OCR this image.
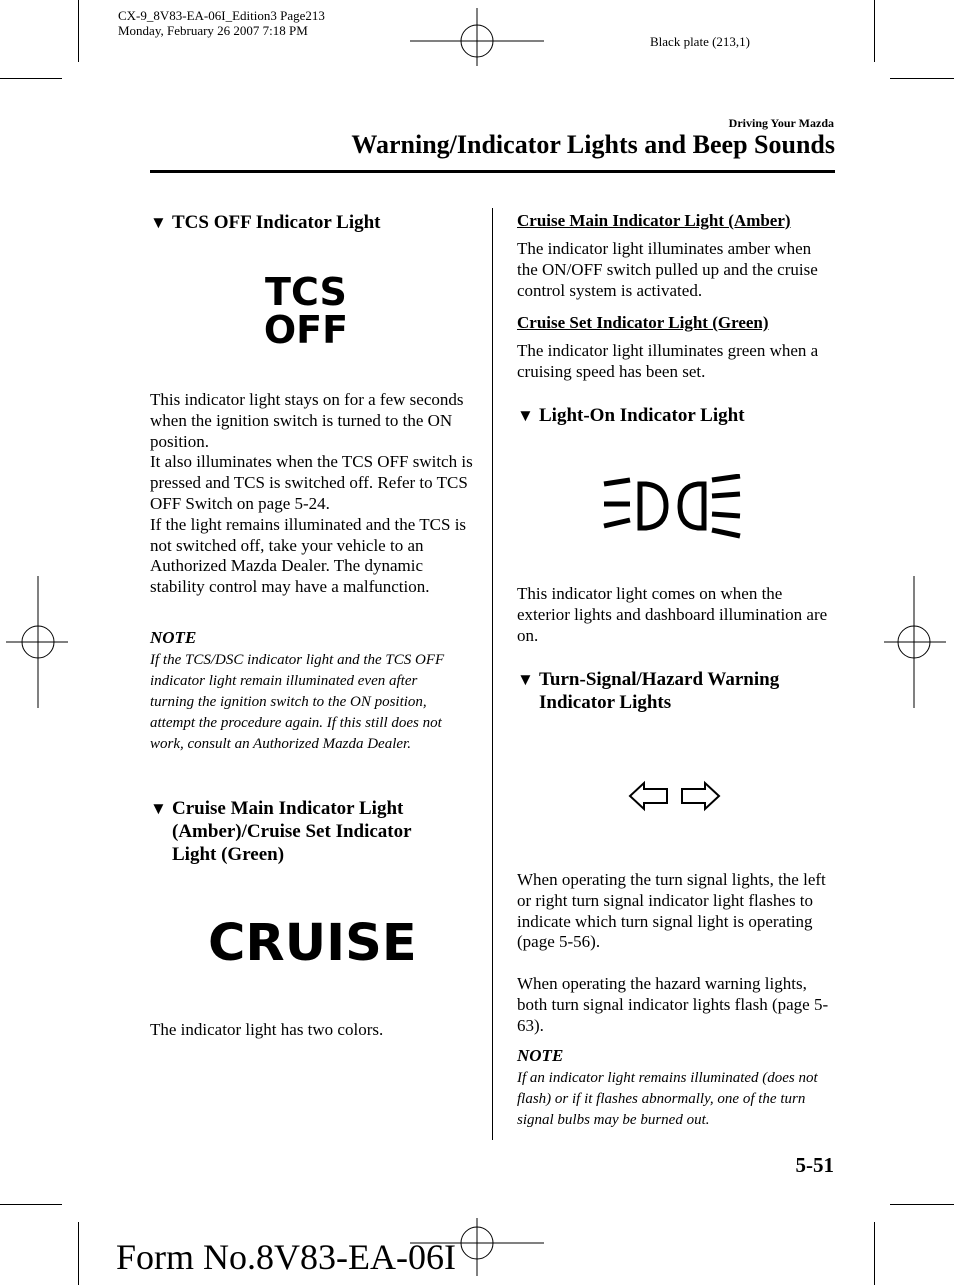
CX-9_8V83-EA-06I_Edition3 Page213
Monday, February 26 2007 7:18 PM
Black plate (213,1)
Driving Your Mazda
Warning/Indicator Lights and Beep Sounds
▼ TCS OFF Indicator Light
TCS
OFF
This indicator light stays on for a few seconds when the ignition switch is turned to the ON position.
It also illuminates when the TCS OFF switch is pressed and TCS is switched off. Refer to TCS OFF Switch on page 5-24.
If the light remains illuminated and the TCS is not switched off, take your vehicle to an Authorized Mazda Dealer. The dynamic stability control may have a malfunction.
NOTE
If the TCS/DSC indicator light and the TCS OFF indicator light remain illuminated even after turning the ignition switch to the ON position, attempt the procedure again. If this still does not work, consult an Authorized Mazda Dealer.
▼ Cruise Main Indicator Light
(Amber)/Cruise Set Indicator
Light (Green)
CRUISE
The indicator light has two colors.
Cruise Main Indicator Light (Amber)
The indicator light illuminates amber when the ON/OFF switch pulled up and the cruise control system is activated.
Cruise Set Indicator Light (Green)
The indicator light illuminates green when a cruising speed has been set.
▼ Light-On Indicator Light
This indicator light comes on when the exterior lights and dashboard illumination are on.
▼ Turn-Signal/Hazard Warning
Indicator Lights
When operating the turn signal lights, the left or right turn signal indicator light flashes to indicate which turn signal light is operating (page 5-56).
When operating the hazard warning lights, both turn signal indicator lights flash (page 5-63).
NOTE
If an indicator light remains illuminated (does not flash) or if it flashes abnormally, one of the turn signal bulbs may be burned out.
5-51
Form No.8V83-EA-06I
